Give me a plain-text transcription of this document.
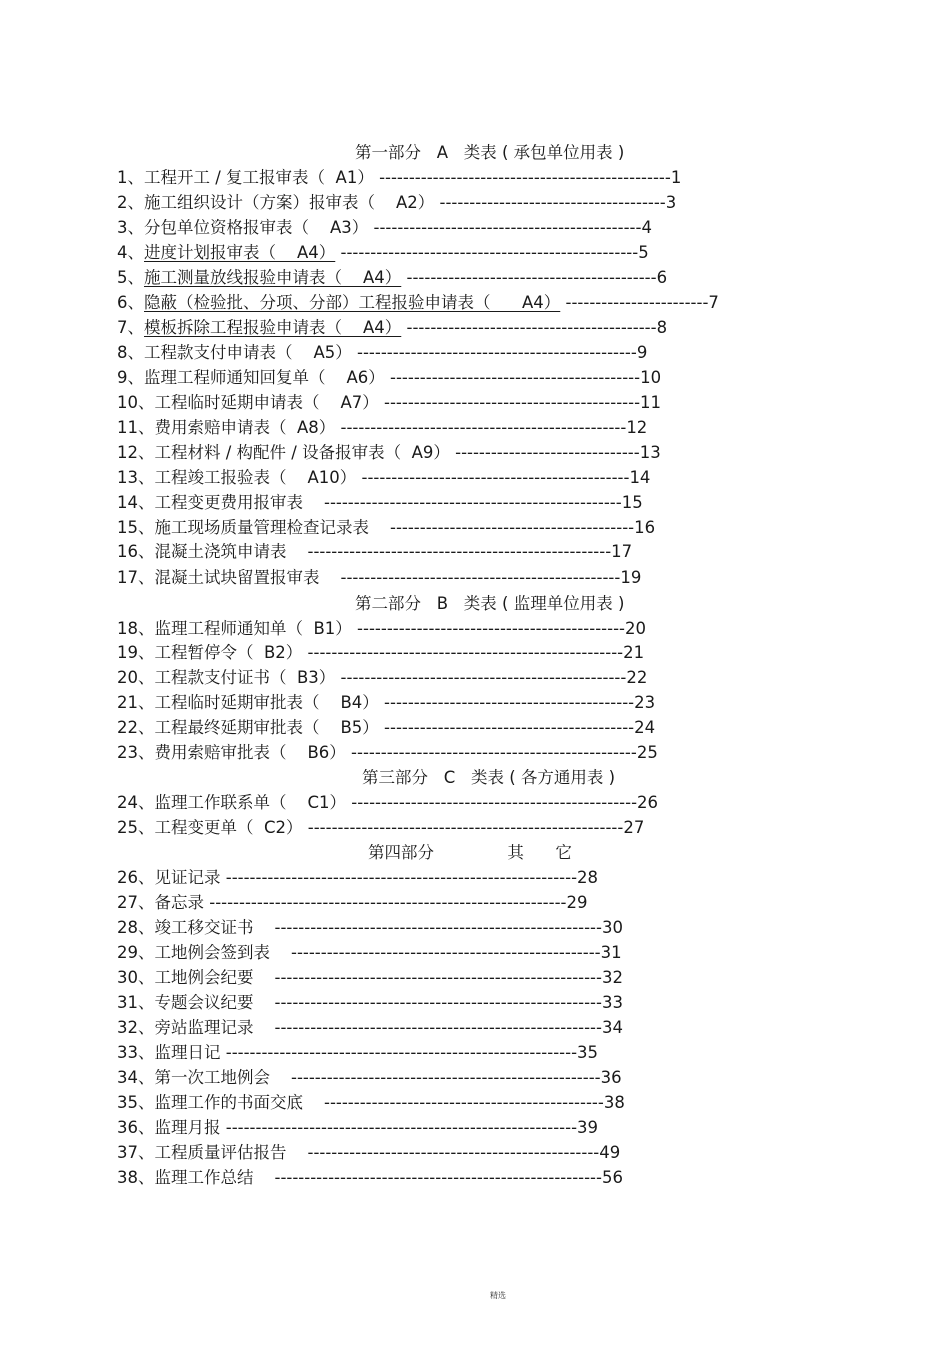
第一部分   A   类表 ( 承包单位用表 )
第二部分   B   类表 ( 监理单位用表 )
第三部分   C   类表 ( 各方通用表 )
第四部分              其      它
1、工程开工 / 复工报审表（  A1） -------------------------------------------------1
2、施工组织设计（方案）报审表（    A2） --------------------------------------3
3、分包单位资格报审表（    A3） ---------------------------------------------4
4、进度计划报审表（    A4） --------------------------------------------------5
5、施工测量放线报验申请表（    A4） ------------------------------------------6
6、隐蔽（检验批、分项、分部）工程报验申请表（      A4） ------------------------7
7、模板拆除工程报验申请表（    A4） ------------------------------------------8
8、工程款支付申请表（    A5） -----------------------------------------------9
9、监理工程师通知回复单（    A6） ------------------------------------------10
10、工程临时延期申请表（    A7） -------------------------------------------11
11、费用索赔申请表（  A8） ------------------------------------------------12
12、工程材料 / 构配件 / 设备报审表（  A9） -------------------------------13
13、工程竣工报验表（    A10） ---------------------------------------------14
14、工程变更费用报审表    --------------------------------------------------15
15、施工现场质量管理检查记录表    -----------------------------------------16
16、混凝土浇筑申请表    ---------------------------------------------------17
17、混凝土试块留置报审表    -----------------------------------------------19
18、监理工程师通知单（  B1） ---------------------------------------------20
19、工程暂停令（  B2） -----------------------------------------------------21
20、工程款支付证书（  B3） ------------------------------------------------22
21、工程临时延期审批表（    B4） ------------------------------------------23
22、工程最终延期审批表（    B5） ------------------------------------------24
23、费用索赔审批表（    B6） ------------------------------------------------25
24、监理工作联系单（    C1） ------------------------------------------------26
25、工程变更单（  C2） -----------------------------------------------------27
26、见证记录 -----------------------------------------------------------28
27、备忘录 ------------------------------------------------------------29
28、竣工移交证书    -------------------------------------------------------30
29、工地例会签到表    ----------------------------------------------------31
30、工地例会纪要    -------------------------------------------------------32
31、专题会议纪要    -------------------------------------------------------33
32、旁站监理记录    -------------------------------------------------------34
33、监理日记 -----------------------------------------------------------35
34、第一次工地例会    ----------------------------------------------------36
35、监理工作的书面交底    -----------------------------------------------38
36、监理月报 -----------------------------------------------------------39
37、工程质量评估报告    -------------------------------------------------49
38、监理工作总结    -------------------------------------------------------56
精选
